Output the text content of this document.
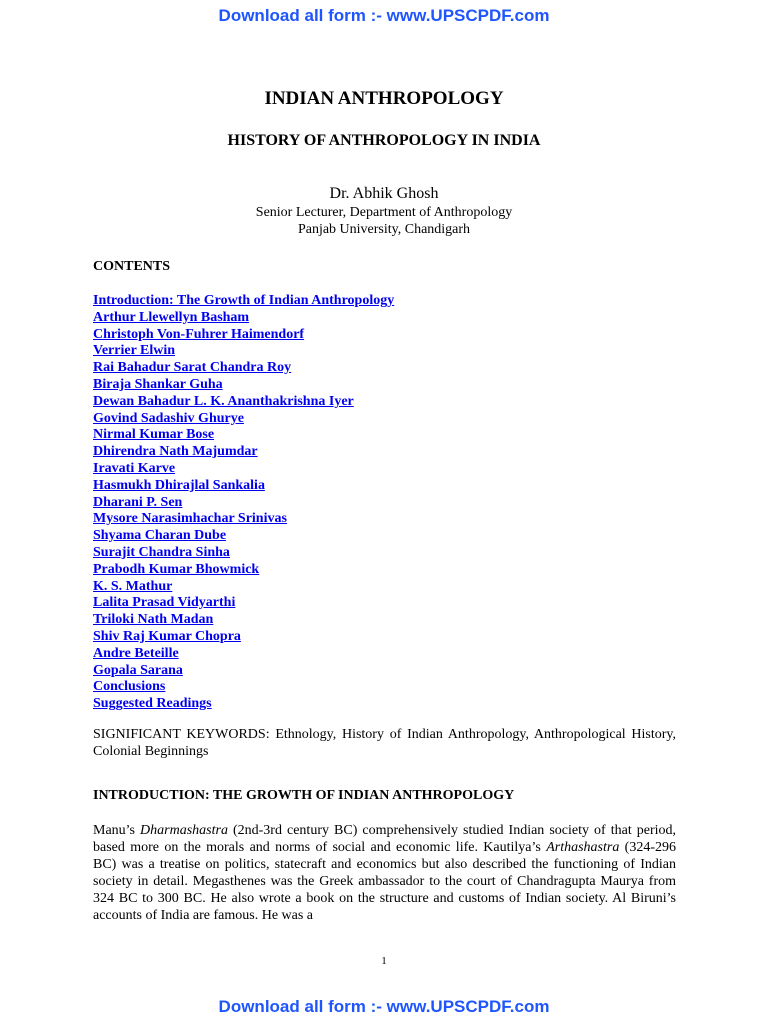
Download all form :- www.UPSCPDF.com
INDIAN ANTHROPOLOGY
HISTORY OF ANTHROPOLOGY IN INDIA
Dr. Abhik Ghosh
Senior Lecturer, Department of Anthropology
Panjab University, Chandigarh
CONTENTS
Introduction: The Growth of Indian Anthropology
Arthur Llewellyn Basham
Christoph Von-Fuhrer Haimendorf
Verrier Elwin
Rai Bahadur Sarat Chandra Roy
Biraja Shankar Guha
Dewan Bahadur L. K. Ananthakrishna Iyer
Govind Sadashiv Ghurye
Nirmal Kumar Bose
Dhirendra Nath Majumdar
Iravati Karve
Hasmukh Dhirajlal Sankalia
Dharani P. Sen
Mysore Narasimhachar Srinivas
Shyama Charan Dube
Surajit Chandra Sinha
Prabodh Kumar Bhowmick
K. S. Mathur
Lalita Prasad Vidyarthi
Triloki Nath Madan
Shiv Raj Kumar Chopra
Andre Beteille
Gopala Sarana
Conclusions
Suggested Readings

SIGNIFICANT KEYWORDS: Ethnology, History of Indian Anthropology, Anthropological History, Colonial Beginnings

INTRODUCTION: THE GROWTH OF INDIAN ANTHROPOLOGY

Manu’s Dharmashastra (2nd-3rd century BC) comprehensively studied Indian society of that period, based more on the morals and norms of social and economic life. Kautilya’s Arthashastra (324-296 BC) was a treatise on politics, statecraft and economics but also described the functioning of Indian society in detail. Megasthenes was the Greek ambassador to the court of Chandragupta Maurya from 324 BC to 300 BC. He also wrote a book on the structure and customs of Indian society. Al Biruni’s accounts of India are famous. He was a

1
Download all form :- www.UPSCPDF.com
